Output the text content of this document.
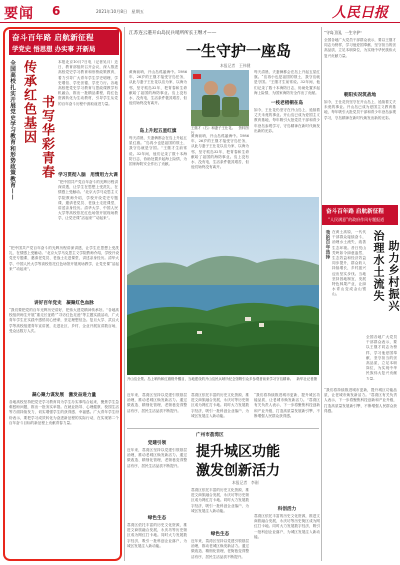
要闻 6	2021年10月8日　星期五	人民日报
奋斗百年路 启航新征程
学党史 悟思想 办实事 开新局
全国高校扎实开展党史学习教育和形势政策教育—— 传承红色基因 书写华彩青春

本报北京10月7日电（记者吴月）近日，教育部组织召开会议，深入推进高校党史学习教育和形势政策教育，着力引导广大青年学生学史明理、学史增信、学史崇德、学史力行。各地高校把党史学习教育与思政课教学有机融合，推出一批精品课程，将红色资源转化为生动教材，引导学生从党的百年奋斗历程中汲取前进力量。

学习贯彻入脑　用情用力大课

“把中国共产党百年奋斗的光辉历程讲深讲透，让学生在思想上受洗礼、在情感上受触动。”北京大学马克思主义学院教师介绍，学校开设党史专题课，邀请老党员、老战士走进课堂，讲述亲身经历。清华大学、中国人民大学等高校依托红色场馆开展现场教学，让党史课“活起来”“动起来”。

“把中国共产党百年奋斗的光辉历程讲深讲透，让学生在思想上受洗礼、在情感上受触动。”北京大学马克思主义学院教师介绍，学校开设党史专题课，邀请老党员、老战士走进课堂，讲述亲身经历。清华大学、中国人民大学等高校依托红色场馆开展现场教学，让党史课“活起来”“动起来”。

讲好百年党史　凝聚红色血脉

“我们要把党的百年光辉历史讲好，把伟大建党精神传承好。”各地高校组织师生开展“重走长征路”“寻访红色足迹”等主题实践活动，广大青年学生在实践中感悟初心使命，坚定理想信念。复旦大学、武汉大学等高校组建青年宣讲团，走进社区、乡村、企业开展宣讲数百场，受众达数万人次。

凝心聚力谋发展　激发奋进力量

各地高校坚持把党史学习教育同为学生办实事结合起来，聚焦学生急难愁盼问题，推出一批务实举措。在就业指导、心理健康、校园生活等方面持续发力，切实增强学生的获得感、幸福感。广大青年学生纷纷表示，要把学习成效转化为奋进新征程的实际行动，在实现第二个百年奋斗目标的新征程上贡献青春力量。

江苏连云港开山岛民兵哨所所长王继才——
一生守护一座岛
本报记者　王伟健

黄海前哨，开山岛孤悬海中。1986年，26岁的王继才接受守岛任务，从此与妻子王仕花以岛为家、以海为邻，坚守孤岛32年，把青春和生命献给了祖国的海防事业。岛上没有水、没有电，生活条件极其艰苦，但他们始终没有离开。

王继才（右）和妻子王仕花。　资料图片
一枝老梧桐在岛

每天清晨，夫妻俩都会在岛上升起五星红旗。“岛再小也是祖国的领土，我守岛就是守国。”王继才生前常说。32年间，他们记录了数十本海防日志，协助处置多起海上险情，为国家海防安全作出了贡献。

如今，王仕花仍坚守在开山岛上，延续着丈夫未竟的事业。开山岛已成为爱国主义教育基地，每年吸引大批党员干部和青少年登岛参观学习，守岛精神在新时代焕发出新的光彩。

岛上升起五星红旗

每天清晨，夫妻俩都会在岛上升起五星红旗。“岛再小也是祖国的领土，我守岛就是守国。”王继才生前常说。32年间，他们记录了数十本海防日志，协助处置多起海上险情，为国家海防安全作出了贡献。

黄海前哨，开山岛孤悬海中。1986年，26岁的王继才接受守岛任务，从此与妻子王仕花以岛为家、以海为邻，坚守孤岛32年，把青春和生命献给了祖国的海防事业。岛上没有水、没有电，生活条件极其艰苦，但他们始终没有离开。

开山岛全景。岛上哨所和红旗格外醒目，当地建设的开山岛民兵哨所纪念馆吸引众多参观者前来学习守岛精神。　新华社记者摄
“守岛卫国，一生守护”

全国各地广大党员干部群众表示，要以王继才同志为榜样，学习他爱国奉献、坚守担当的崇高品质，立足本职岗位，为实现中华民族伟大复兴贡献力量。

朝阳实况筑战地

如今，王仕花仍坚守在开山岛上，延续着丈夫未竟的事业。开山岛已成为爱国主义教育基地，每年吸引大批党员干部和青少年登岛参观学习，守岛精神在新时代焕发出新的光彩。

奋斗百年路 启航新征程
“人民满意”的政府作风专题报道
我的百年选择 在黄土高原，一代代干部群众接续奋斗，治理水土流失，改善生态环境。昔日荒山秃岭如今绿意盎然，生态效益和经济效益同步提升，群众收入持续增长，乡村振兴迈出坚实步伐。当地坚持因地制宜，发展特色林果产业，让绿水青山变成金山银山。	治理水土流失 助力乡村振兴

全国各地广大党员干部群众表示，要以王继才同志为榜样，学习他爱国奉献、坚守担当的崇高品质，立足本职岗位，为实现中华民族伟大复兴贡献力量。

近年来，荔湾区坚持以党建引领基层治理，推动老城区焕发新活力。通过微改造、精细化管理，老街巷变得整洁有序，居民生活品质不断提升。

荔湾区依托丰富的历史文化资源，推进文商旅融合发展，永庆坊等历史街区成为网红打卡地。同时大力发展数字经济，吸引一批科创企业落户，为城区发展注入新动能。

党建引领

近年来，荔湾区坚持以党建引领基层治理，推动老城区焕发新活力。通过微改造、精细化管理，老街巷变得整洁有序，居民生活品质不断提升。

绿色生态

荔湾区依托丰富的历史文化资源，推进文商旅融合发展，永庆坊等历史街区成为网红打卡地。同时大力发展数字经济，吸引一批科创企业落户，为城区发展注入新动能。

广州市荔湾区
提升城区功能
激发创新活力
本报记者　李刚

荔湾区依托丰富的历史文化资源，推进文商旅融合发展，永庆坊等历史街区成为网红打卡地。同时大力发展数字经济，吸引一批科创企业落户，为城区发展注入新动能。

绿色生态

近年来，荔湾区坚持以党建引领基层治理，推动老城区焕发新活力。通过微改造、精细化管理，老街巷变得整洁有序，居民生活品质不断提升。

“我们将持续推进城市更新，提升城区功能品质，让老城市焕发新活力。”荔湾区有关负责人表示，下一步将聚焦科技创新和产业升级，打造高质量发展新引擎，不断增强人民群众获得感。

科创活力

荔湾区依托丰富的历史文化资源，推进文商旅融合发展，永庆坊等历史街区成为网红打卡地。同时大力发展数字经济，吸引一批科创企业落户，为城区发展注入新动能。

“我们将持续推进城市更新，提升城区功能品质，让老城市焕发新活力。”荔湾区有关负责人表示，下一步将聚焦科技创新和产业升级，打造高质量发展新引擎，不断增强人民群众获得感。
